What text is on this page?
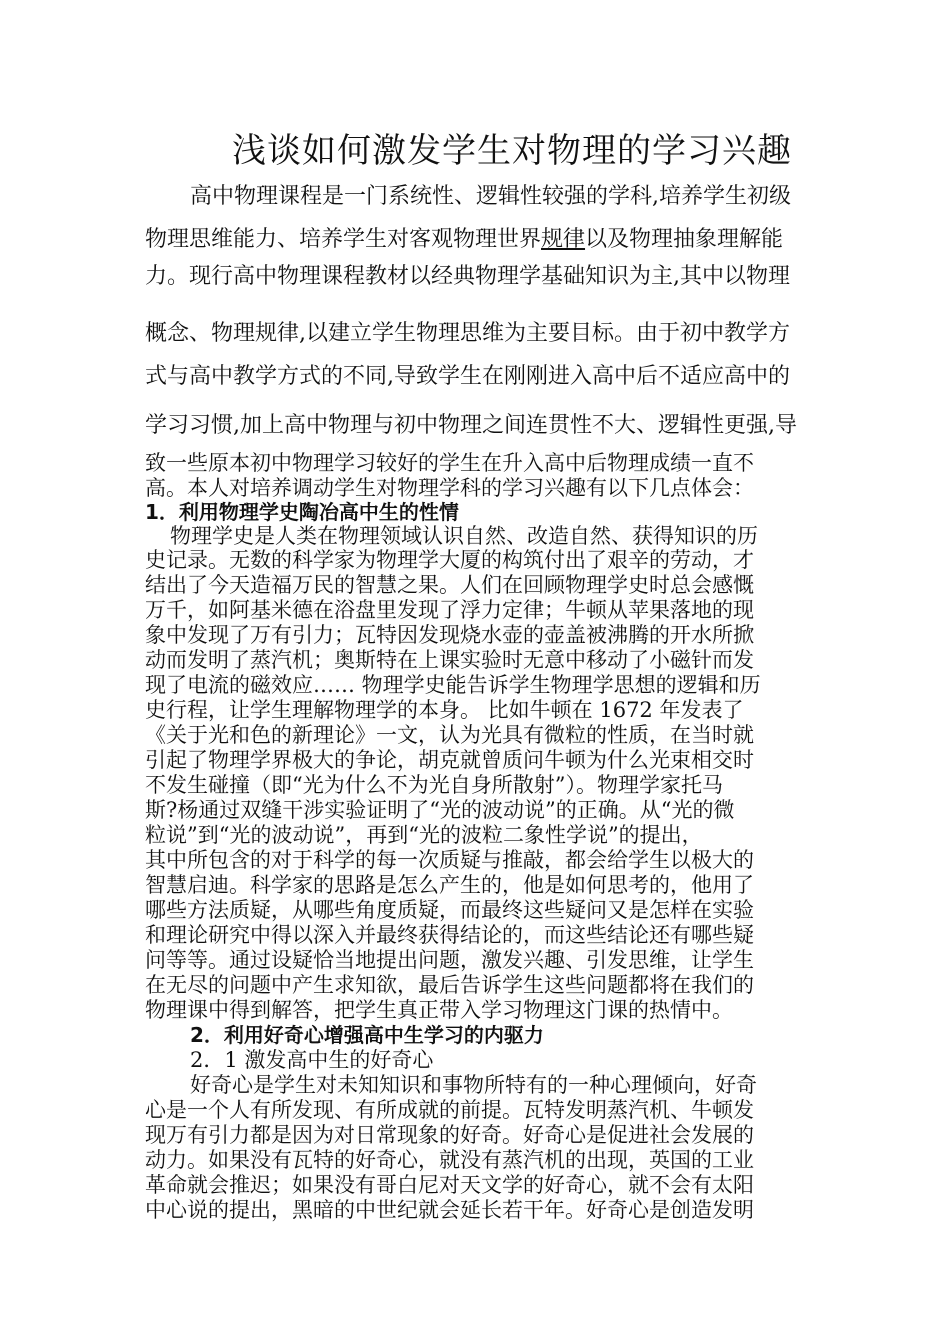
浅谈如何激发学生对物理的学习兴趣
高中物理课程是一门系统性、逻辑性较强的学科,培养学生初级
物理思维能力、培养学生对客观物理世界规律以及物理抽象理解能
力。现行高中物理课程教材以经典物理学基础知识为主,其中以物理
概念、物理规律,以建立学生物理思维为主要目标。由于初中教学方
式与高中教学方式的不同,导致学生在刚刚进入高中后不适应高中的
学习习惯,加上高中物理与初中物理之间连贯性不大、逻辑性更强,导
致一些原本初中物理学习较好的学生在升入高中后物理成绩一直不
高。本人对培养调动学生对物理学科的学习兴趣有以下几点体会：
1．利用物理学史陶冶高中生的性情
物理学史是人类在物理领域认识自然、改造自然、获得知识的历
史记录。无数的科学家为物理学大厦的构筑付出了艰辛的劳动，才
结出了今天造福万民的智慧之果。人们在回顾物理学史时总会感慨
万千，如阿基米德在浴盘里发现了浮力定律；牛顿从苹果落地的现
象中发现了万有引力；瓦特因发现烧水壶的壶盖被沸腾的开水所掀
动而发明了蒸汽机；奥斯特在上课实验时无意中移动了小磁针而发
现了电流的磁效应…… 物理学史能告诉学生物理学思想的逻辑和历
史行程，让学生理解物理学的本身。 比如牛顿在 1672 年发表了
《关于光和色的新理论》一文，认为光具有微粒的性质，在当时就
引起了物理学界极大的争论，胡克就曾质问牛顿为什么光束相交时
不发生碰撞（即“光为什么不为光自身所散射”）。物理学家托马
斯?杨通过双缝干涉实验证明了“光的波动说”的正确。从“光的微
粒说”到“光的波动说”，再到“光的波粒二象性学说”的提出，
其中所包含的对于科学的每一次质疑与推敲，都会给学生以极大的
智慧启迪。科学家的思路是怎么产生的，他是如何思考的，他用了
哪些方法质疑，从哪些角度质疑，而最终这些疑问又是怎样在实验
和理论研究中得以深入并最终获得结论的，而这些结论还有哪些疑
问等等。通过设疑恰当地提出问题，激发兴趣、引发思维，让学生
在无尽的问题中产生求知欲，最后告诉学生这些问题都将在我们的
物理课中得到解答，把学生真正带入学习物理这门课的热情中。
2．利用好奇心增强高中生学习的内驱力
2．1 激发高中生的好奇心
好奇心是学生对未知知识和事物所特有的一种心理倾向，好奇
心是一个人有所发现、有所成就的前提。瓦特发明蒸汽机、牛顿发
现万有引力都是因为对日常现象的好奇。好奇心是促进社会发展的
动力。如果没有瓦特的好奇心，就没有蒸汽机的出现，英国的工业
革命就会推迟；如果没有哥白尼对天文学的好奇心，就不会有太阳
中心说的提出，黑暗的中世纪就会延长若干年。好奇心是创造发明
